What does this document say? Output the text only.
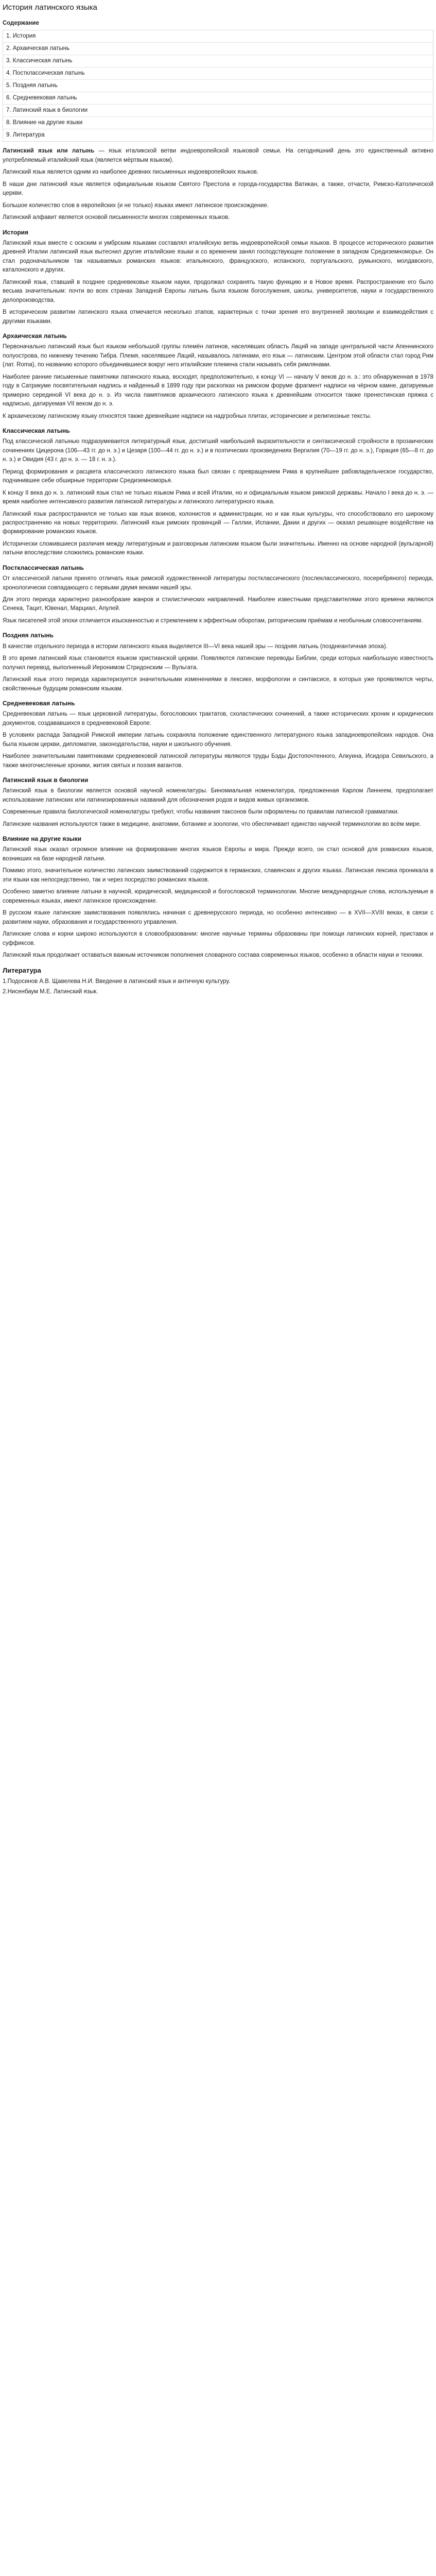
История латинского языка
Содержание
1. История
2. Архаическая латынь
3. Классическая латынь
4. Постклассическая латынь
5. Поздняя латынь
6. Средневековая латынь
7. Латинский язык в биологии
8. Влияние на другие языки
9. Литература

Латинский язык или латынь — язык италикской ветви индоевропейской языковой семьи. На сегодняшний день это единственный активно употребляемый италийский язык (является мёртвым языком).

Латинский язык является одним из наиболее древних письменных индоевропейских языков.

В наши дни латинский язык является официальным языком Святого Престола и города-государства Ватикан, а также, отчасти, Римско-Католической церкви.

Большое количество слов в европейских (и не только) языках имеют латинское происхождение.

Латинский алфавит является основой письменности многих современных языков.

История

Латинский язык вместе с оскским и умбрским языками составлял италийскую ветвь индоевропейской семьи языков. В процессе исторического развития древней Италии латинский язык вытеснил другие италийские языки и со временем занял господствующее положение в западном Средиземноморье. Он стал родоначальником так называемых романских языков: итальянского, французского, испанского, португальского, румынского, молдавского, каталонского и других.

Латинский язык, ставший в позднее средневековье языком науки, продолжал сохранять такую функцию и в Новое время. Распространение его было весьма значительным: почти во всех странах Западной Европы латынь была языком богослужения, школы, университетов, науки и государственного делопроизводства.

В историческом развитии латинского языка отмечается несколько этапов, характерных с точки зрения его внутренней эволюции и взаимодействия с другими языками.

Архаическая латынь

Первоначально латинский язык был языком небольшой группы племён латинов, населявших область Лаций на западе центральной части Апеннинского полуострова, по нижнему течению Тибра. Племя, населявшее Лаций, называлось латинами, его язык — латинским. Центром этой области стал город Рим (лат. Roma), по названию которого объединившиеся вокруг него италийские племена стали называть себя римлянами.

Наиболее ранние письменные памятники латинского языка, восходят, предположительно, к концу VI — началу V веков до н. э.: это обнаруженная в 1978 году в Сатрикуме посвятительная надпись и найденный в 1899 году при раскопках на римском форуме фрагмент надписи на чёрном камне, датируемые примерно серединой VI века до н. э. Из числа памятников архаического латинского языка к древнейшим относится также пренестинская пряжка с надписью, датируемая VII веком до н. э.

К архаическому латинскому языку относятся также древнейшие надписи на надгробных плитах, исторические и религиозные тексты.

Классическая латынь

Под классической латынью подразумевается литературный язык, достигший наибольшей выразительности и синтаксической стройности в прозаических сочинениях Цицерона (106—43 гг. до н. э.) и Цезаря (100—44 гг. до н. э.) и в поэтических произведениях Вергилия (70—19 гг. до н. э.), Горация (65—8 гг. до н. э.) и Овидия (43 г. до н. э. — 18 г. н. э.).

Период формирования и расцвета классического латинского языка был связан с превращением Рима в крупнейшее рабовладельческое государство, подчинившее себе обширные территории Средиземноморья.

К концу II века до н. э. латинский язык стал не только языком Рима и всей Италии, но и официальным языком римской державы. Начало I века до н. э. — время наиболее интенсивного развития латинской литературы и латинского литературного языка.

Латинский язык распространился не только как язык воинов, колонистов и администрации, но и как язык культуры, что способствовало его широкому распространению на новых территориях. Латинский язык римских провинций — Галлии, Испании, Дакии и других — оказал решающее воздействие на формирование романских языков.

Исторически сложившиеся различия между литературным и разговорным латинским языком были значительны. Именно на основе народной (вульгарной) латыни впоследствии сложились романские языки.

Постклассическая латынь

От классической латыни принято отличать язык римской художественной литературы постклассического (послеклассического, посеребряного) периода, хронологически совпадающего с первыми двумя веками нашей эры.

Для этого периода характерно разнообразие жанров и стилистических направлений. Наиболее известными представителями этого времени являются Сенека, Тацит, Ювенал, Марциал, Апулей.

Язык писателей этой эпохи отличается изысканностью и стремлением к эффектным оборотам, риторическим приёмам и необычным словосочетаниям.

Поздняя латынь

В качестве отдельного периода в истории латинского языка выделяется III—VI века нашей эры — поздняя латынь (позднеантичная эпоха).

В это время латинский язык становится языком христианской церкви. Появляются латинские переводы Библии, среди которых наибольшую известность получил перевод, выполненный Иеронимом Стридонским — Вульгата.

Латинский язык этого периода характеризуется значительными изменениями в лексике, морфологии и синтаксисе, в которых уже проявляются черты, свойственные будущим романским языкам.

Средневековая латынь

Средневековая латынь — язык церковной литературы, богословских трактатов, схоластических сочинений, а также исторических хроник и юридических документов, создававшихся в средневековой Европе.

В условиях распада Западной Римской империи латынь сохраняла положение единственного литературного языка западноевропейских народов. Она была языком церкви, дипломатии, законодательства, науки и школьного обучения.

Наиболее значительными памятниками средневековой латинской литературы являются труды Бэды Достопочтенного, Алкуина, Исидора Севильского, а также многочисленные хроники, жития святых и поэзия вагантов.

Латинский язык в биологии

Латинский язык в биологии является основой научной номенклатуры. Биномиальная номенклатура, предложенная Карлом Линнеем, предполагает использование латинских или латинизированных названий для обозначения родов и видов живых организмов.

Современные правила биологической номенклатуры требуют, чтобы названия таксонов были оформлены по правилам латинской грамматики.

Латинские названия используются также в медицине, анатомии, ботанике и зоологии, что обеспечивает единство научной терминологии во всём мире.

Влияние на другие языки

Латинский язык оказал огромное влияние на формирование многих языков Европы и мира. Прежде всего, он стал основой для романских языков, возникших на базе народной латыни.

Помимо этого, значительное количество латинских заимствований содержится в германских, славянских и других языках. Латинская лексика проникала в эти языки как непосредственно, так и через посредство романских языков.

Особенно заметно влияние латыни в научной, юридической, медицинской и богословской терминологии. Многие международные слова, используемые в современных языках, имеют латинское происхождение.

В русском языке латинские заимствования появлялись начиная с древнерусского периода, но особенно интенсивно — в XVII—XVIII веках, в связи с развитием науки, образования и государственного управления.

Латинские слова и корни широко используются в словообразовании: многие научные термины образованы при помощи латинских корней, приставок и суффиксов.

Латинский язык продолжает оставаться важным источником пополнения словарного состава современных языков, особенно в области науки и техники.

Литература
1.Подосинов А.В. Щавелева Н.И. Введение в латинский язык и античную культуру.
2.Нисенбаум М.Е. Латинский язык.
